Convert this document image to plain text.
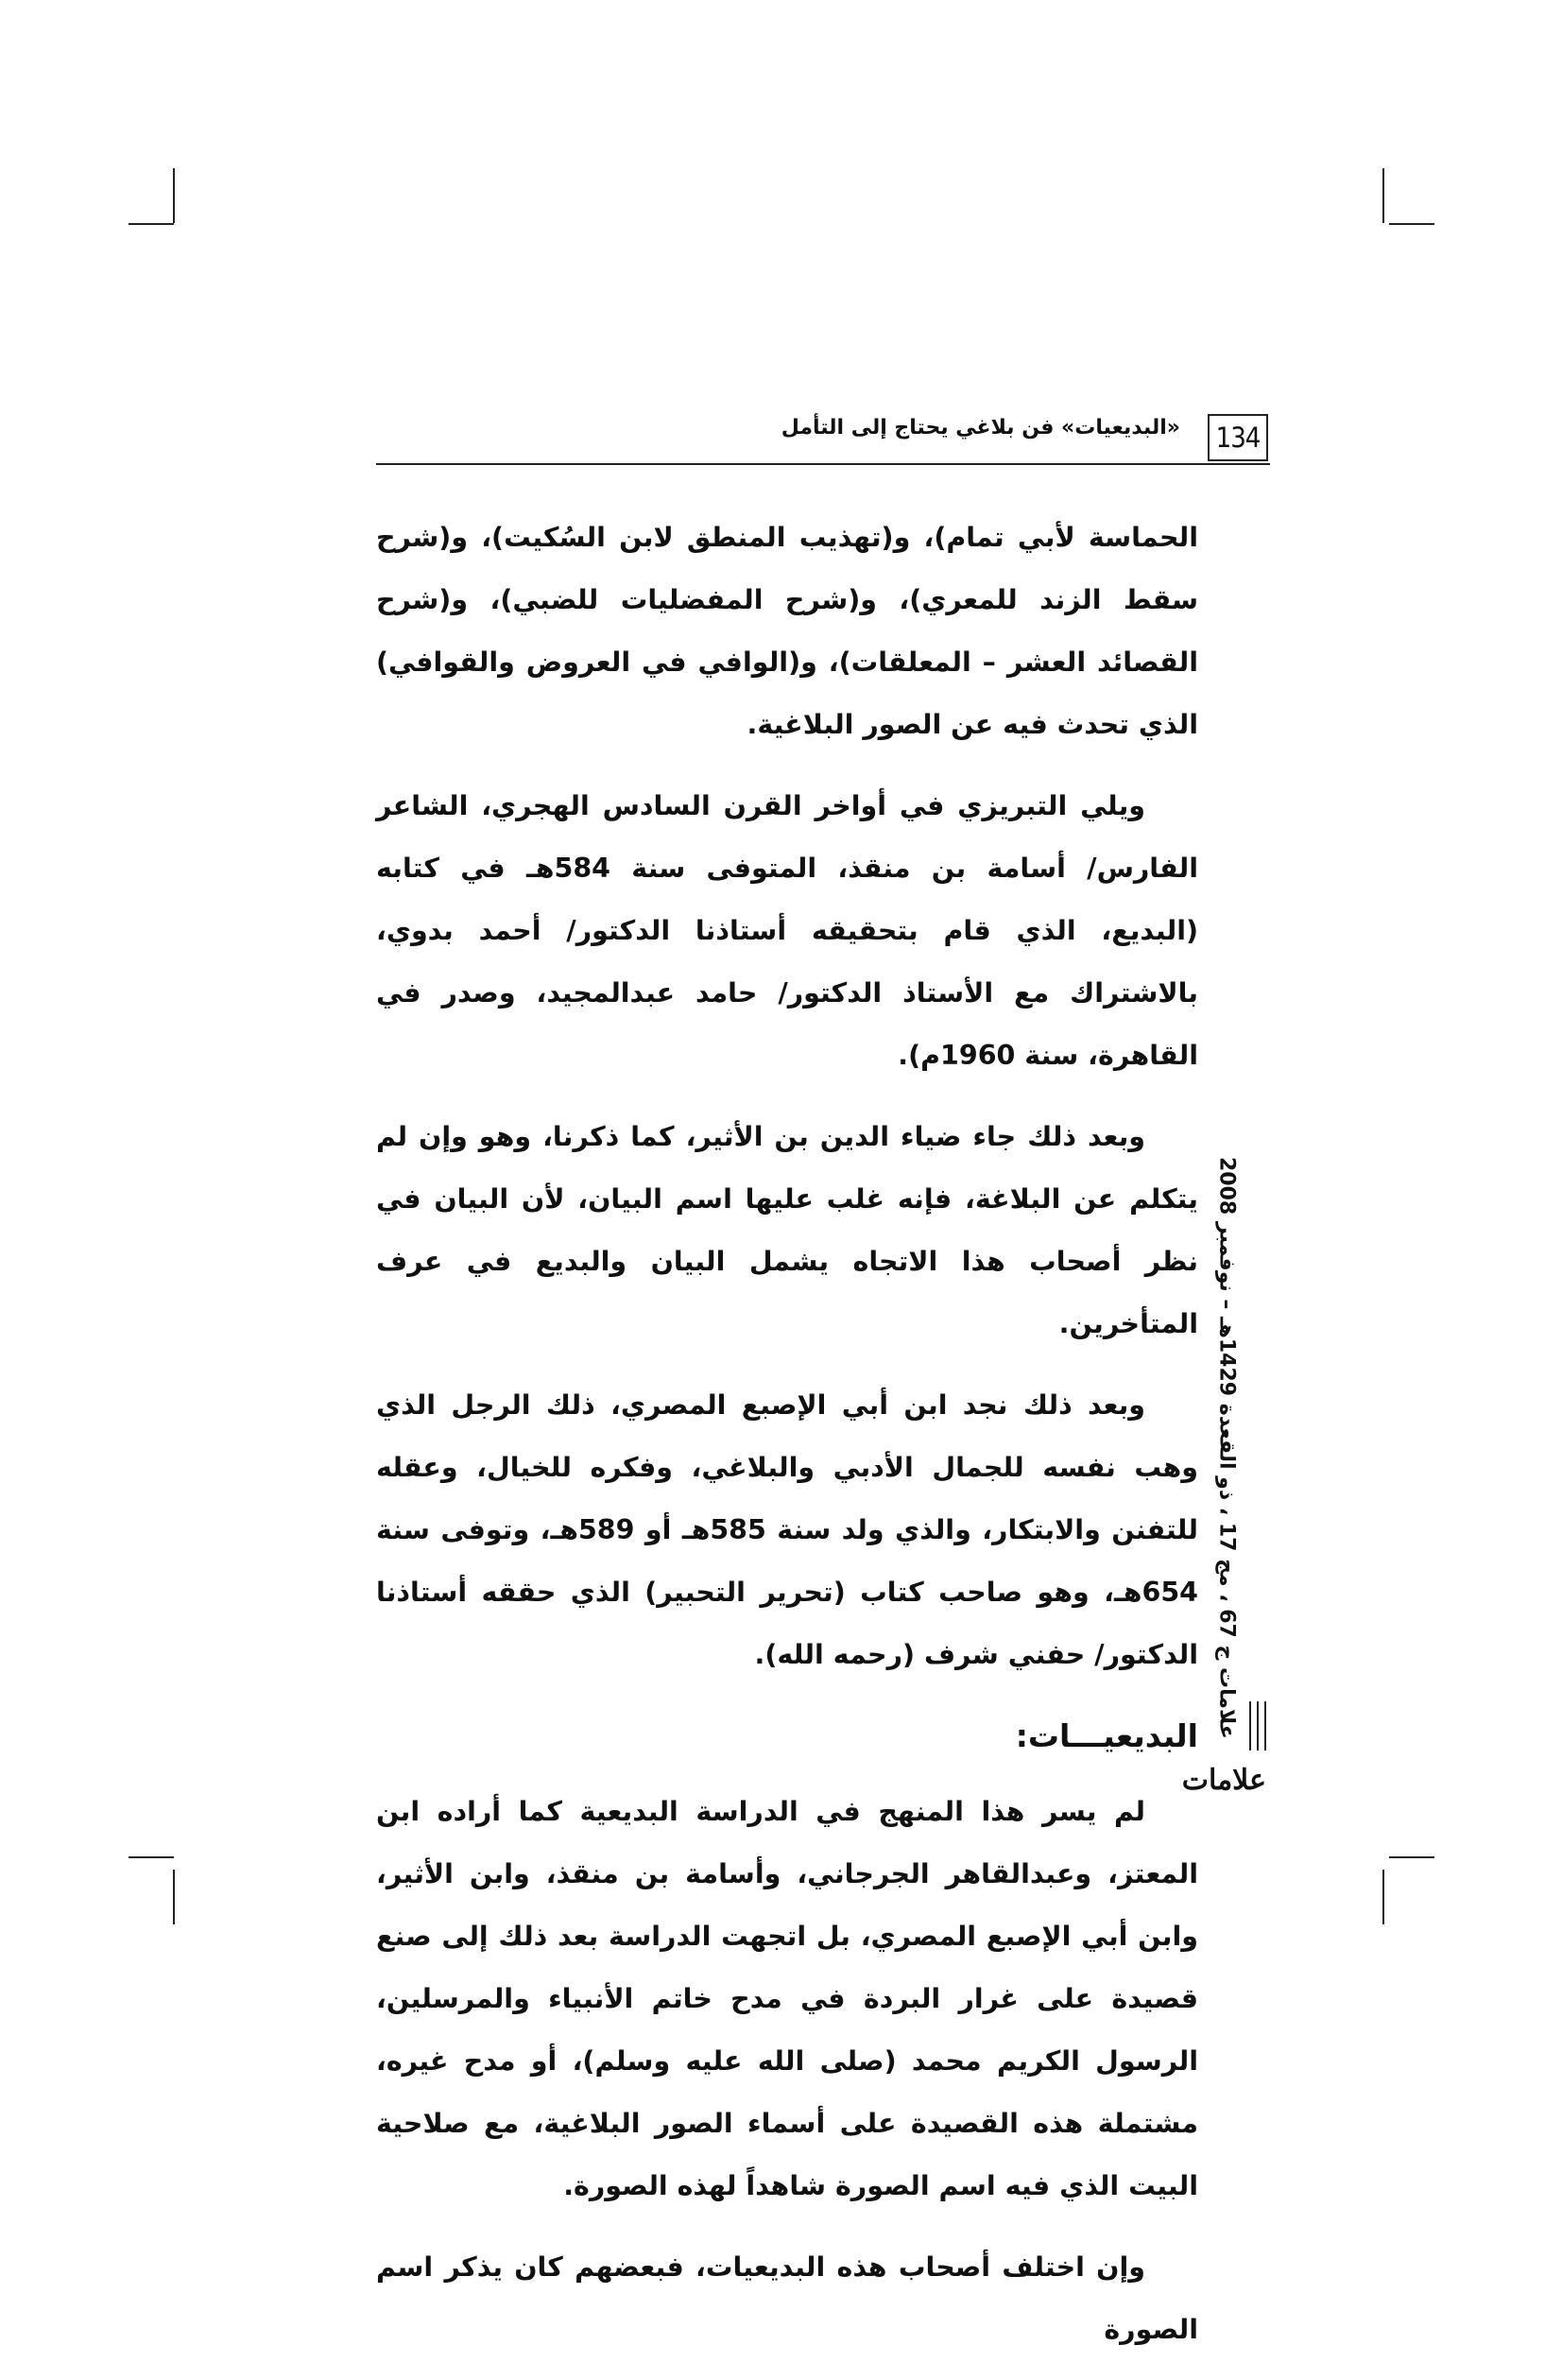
134
«البديعيات» فن بلاغي يحتاج إلى التأمل

الحماسة لأبي تمام)، و(تهذيب المنطق لابن السُكيت)، و(شرح سقط الزند للمعري)، و(شرح المفضليات للضبي)، و(شرح القصائد العشر – المعلقات)، و(الوافي في العروض والقوافي) الذي تحدث فيه عن الصور البلاغية.

ويلي التبريزي في أواخر القرن السادس الهجري، الشاعر الفارس/ أسامة بن منقذ، المتوفى سنة 584هـ في كتابه (البديع، الذي قام بتحقيقه أستاذنا الدكتور/ أحمد بدوي، بالاشتراك مع الأستاذ الدكتور/ حامد عبدالمجيد، وصدر في القاهرة، سنة 1960م).

وبعد ذلك جاء ضياء الدين بن الأثير، كما ذكرنا، وهو وإن لم يتكلم عن البلاغة، فإنه غلب عليها اسم البيان، لأن البيان في نظر أصحاب هذا الاتجاه يشمل البيان والبديع في عرف المتأخرين.

وبعد ذلك نجد ابن أبي الإصبع المصري، ذلك الرجل الذي وهب نفسه للجمال الأدبي والبلاغي، وفكره للخيال، وعقله للتفنن والابتكار، والذي ولد سنة 585هـ أو 589هـ، وتوفى سنة 654هـ، وهو صاحب كتاب (تحرير التحبير) الذي حققه أستاذنا الدكتور/ حفني شرف (رحمه الله).

البديعيـــات:

لم يسر هذا المنهج في الدراسة البديعية كما أراده ابن المعتز، وعبدالقاهر الجرجاني، وأسامة بن منقذ، وابن الأثير، وابن أبي الإصبع المصري، بل اتجهت الدراسة بعد ذلك إلى صنع قصيدة على غرار البردة في مدح خاتم الأنبياء والمرسلين، الرسول الكريم محمد (صلى الله عليه وسلم)، أو مدح غيره، مشتملة هذه القصيدة على أسماء الصور البلاغية، مع صلاحية البيت الذي فيه اسم الصورة شاهداً لهذه الصورة.

وإن اختلف أصحاب هذه البديعيات، فبعضهم كان يذكر اسم الصورة

علامات ج 67 ، مج 17 ، ذو القعدة 1429هـ – نوفمبر 2008
علامات
